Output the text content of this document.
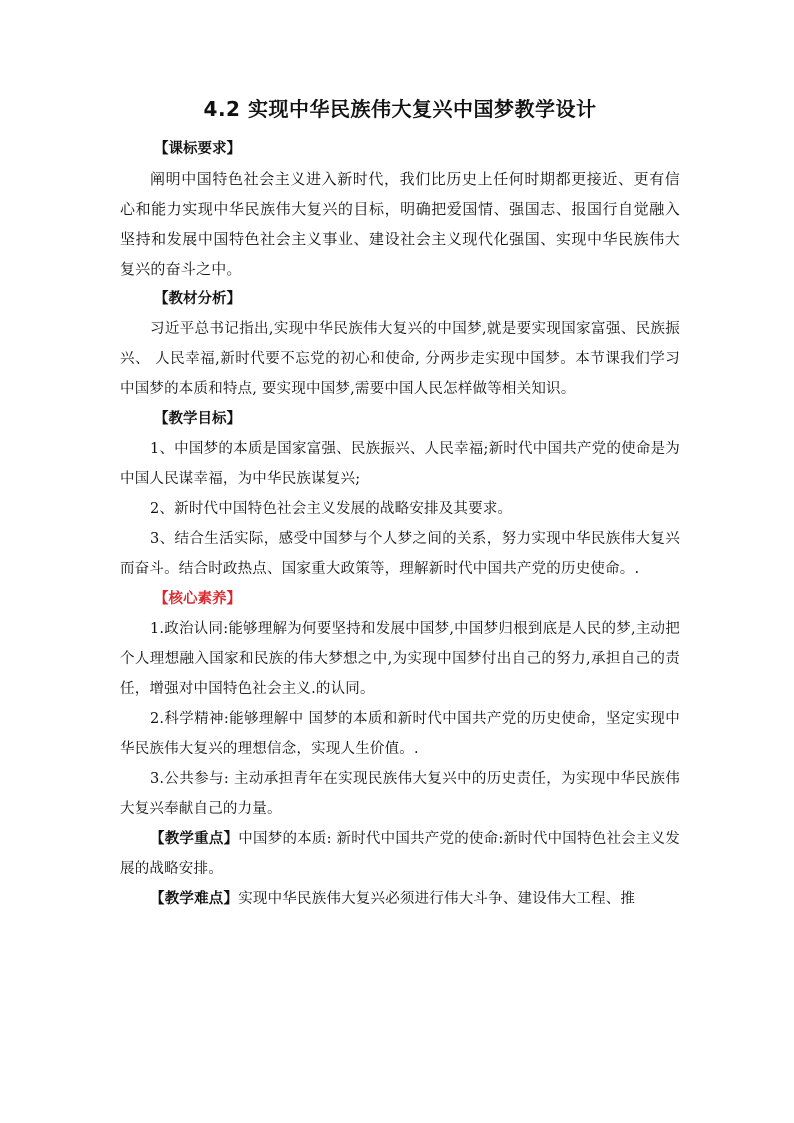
4.2 实现中华民族伟大复兴中国梦教学设计

【课标要求】

阐明中国特色社会主义进入新时代，我们比历史上任何时期都更接近、更有信心和能力实现中华民族伟大复兴的目标，明确把爱国情、强国志、报国行自觉融入坚持和发展中国特色社会主义事业、建设社会主义现代化强国、实现中华民族伟大复兴的奋斗之中。

【教材分析】

习近平总书记指出,实现中华民族伟大复兴的中国梦,就是要实现国家富强、民族振兴、 人民幸福,新时代要不忘党的初心和使命, 分两步走实现中国梦。本节课我们学习中国梦的本质和特点, 要实现中国梦,需要中国人民怎样做等相关知识。

【教学目标】

1、中国梦的本质是国家富强、民族振兴、人民幸福;新时代中国共产党的使命是为中国人民谋幸福，为中华民族谋复兴;

2、新时代中国特色社会主义发展的战略安排及其要求。

3、结合生活实际，感受中国梦与个人梦之间的关系，努力实现中华民族伟大复兴而奋斗。结合时政热点、国家重大政策等，理解新时代中国共产党的历史使命。.

【核心素养】

1.政治认同:能够理解为何要坚持和发展中国梦,中国梦归根到底是人民的梦,主动把个人理想融入国家和民族的伟大梦想之中,为实现中国梦付出自己的努力,承担自己的责任，增强对中国特色社会主义.的认同。

2.科学精神:能够理解中 国梦的本质和新时代中国共产党的历史使命，坚定实现中华民族伟大复兴的理想信念，实现人生价值。.

3.公共参与: 主动承担青年在实现民族伟大复兴中的历史责任，为实现中华民族伟大复兴奉献自己的力量。

【教学重点】中国梦的本质: 新时代中国共产党的使命:新时代中国特色社会主义发展的战略安排。

【教学难点】实现中华民族伟大复兴必须进行伟大斗争、建设伟大工程、推
